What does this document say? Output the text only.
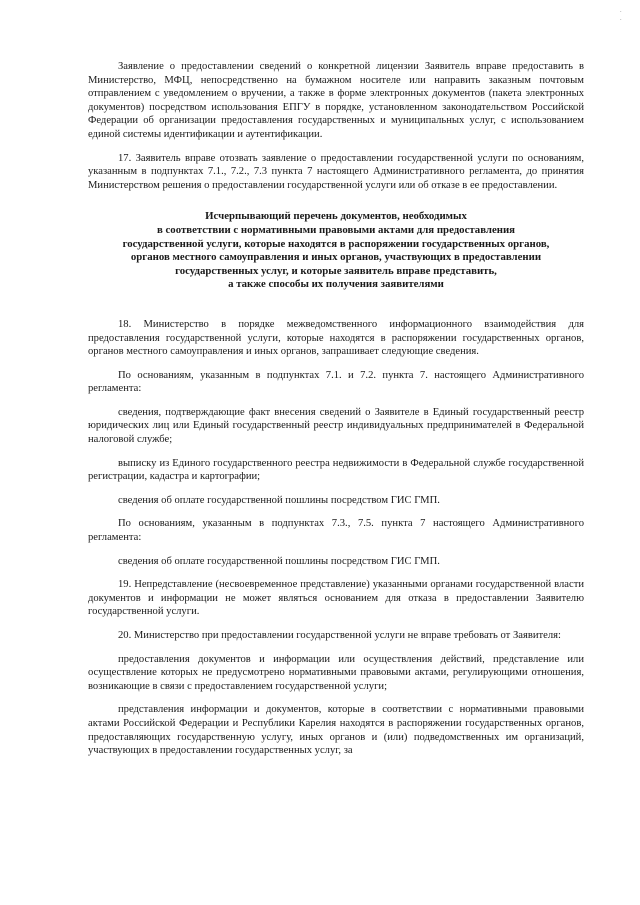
·
·

Заявление о предоставлении сведений о конкретной лицензии Заявитель вправе предоставить в Министерство, МФЦ, непосредственно на бумажном носителе или направить заказным почтовым отправлением с уведомлением о вручении, а также в форме электронных документов (пакета электронных документов) посредством использования ЕПГУ в порядке, установленном законодательством Российской Федерации об организации предоставления государственных и муниципальных услуг, с использованием единой системы идентификации и аутентификации.

17. Заявитель вправе отозвать заявление о предоставлении государственной услуги по основаниям, указанным в подпунктах 7.1., 7.2., 7.3 пункта 7 настоящего Административного регламента, до принятия Министерством решения о предоставлении государственной услуги или об отказе в ее предоставлении.

Исчерпывающий перечень документов, необходимых
в соответствии с нормативными правовыми актами для предоставления
государственной услуги, которые находятся в распоряжении государственных органов,
органов местного самоуправления и иных органов, участвующих в предоставлении
государственных услуг, и которые заявитель вправе представить,
а также способы их получения заявителями

18. Министерство в порядке межведомственного информационного взаимодействия для предоставления государственной услуги, которые находятся в распоряжении государственных органов, органов местного самоуправления и иных органов, запрашивает следующие сведения.

По основаниям, указанным в подпунктах 7.1. и 7.2. пункта 7. настоящего Административного регламента:

сведения, подтверждающие факт внесения сведений о Заявителе в Единый государственный реестр юридических лиц или Единый государственный реестр индивидуальных предпринимателей в Федеральной налоговой службе;

выписку из Единого государственного реестра недвижимости в Федеральной службе государственной регистрации, кадастра и картографии;

сведения об оплате государственной пошлины посредством ГИС ГМП.

По основаниям, указанным в подпунктах 7.3., 7.5. пункта 7 настоящего Административного регламента:

сведения об оплате государственной пошлины посредством ГИС ГМП.

19. Непредставление (несвоевременное представление) указанными органами государственной власти документов и информации не может являться основанием для отказа в предоставлении Заявителю государственной услуги.

20. Министерство при предоставлении государственной услуги не вправе требовать от Заявителя:

предоставления документов и информации или осуществления действий, представление или осуществление которых не предусмотрено нормативными правовыми актами, регулирующими отношения, возникающие в связи с предоставлением государственной услуги;

представления информации и документов, которые в соответствии с нормативными правовыми актами Российской Федерации и Республики Карелия находятся в распоряжении государственных органов, предоставляющих государственную услугу, иных органов и (или) подведомственных им организаций, участвующих в предоставлении государственных услуг, за
